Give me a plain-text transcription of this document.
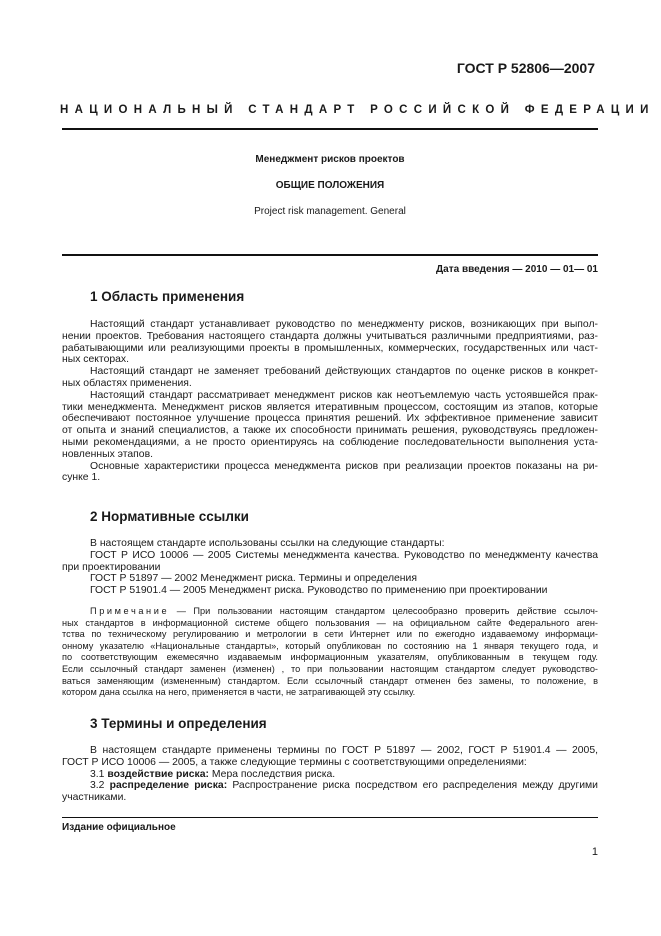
ГОСТ Р 52806—2007
НАЦИОНАЛЬНЫЙ СТАНДАРТ РОССИЙСКОЙ ФЕДЕРАЦИИ
Менеджмент рисков проектов
ОБЩИЕ ПОЛОЖЕНИЯ
Project risk management. General
Дата введения — 2010 — 01— 01
1 Область применения
Настоящий стандарт устанавливает руководство по менеджменту рисков, возникающих при выпол-
нении проектов. Требования настоящего стандарта должны учитываться различными предприятиями, раз-
рабатывающими или реализующими проекты в промышленных, коммерческих, государственных или част-
ных секторах.
Настоящий стандарт не заменяет требований действующих стандартов по оценке рисков в конкрет-
ных областях применения.
Настоящий стандарт рассматривает менеджмент рисков как неотъемлемую часть устоявшейся прак-
тики менеджмента. Менеджмент рисков является итеративным процессом, состоящим из этапов, которые
обеспечивают постоянное улучшение процесса принятия решений. Их эффективное применение зависит
от опыта и знаний специалистов, а также их способности принимать решения, руководствуясь предложен-
ными рекомендациями, а не просто ориентируясь на соблюдение последовательности выполнения уста-
новленных этапов.
Основные характеристики процесса менеджмента рисков при реализации проектов показаны на ри-
сунке 1.
2 Нормативные ссылки
В настоящем стандарте использованы ссылки на следующие стандарты:
ГОСТ Р ИСО 10006 — 2005 Системы менеджмента качества. Руководство по менеджменту качества
при проектировании
ГОСТ Р 51897 — 2002 Менеджмент риска. Термины и определения
ГОСТ Р 51901.4 — 2005 Менеджмент риска. Руководство по применению при проектировании
Примечание — При пользовании настоящим стандартом целесообразно проверить действие ссылоч-
ных стандартов в информационной системе общего пользования — на официальном сайте Федерального аген-
тства по техническому регулированию и метрологии в сети Интернет или по ежегодно издаваемому информаци-
онному указателю «Национальные стандарты», который опубликован по состоянию на 1 января текущего года, и
по соответствующим ежемесячно издаваемым информационным указателям, опубликованным в текущем году.
Если ссылочный стандарт заменен (изменен) , то при пользовании настоящим стандартом следует руководство-
ваться заменяющим (измененным) стандартом. Если ссылочный стандарт отменен без замены, то положение, в
котором дана ссылка на него, применяется в части, не затрагивающей эту ссылку.
3 Термины и определения
В настоящем стандарте применены термины по ГОСТ Р 51897 — 2002, ГОСТ Р 51901.4 — 2005,
ГОСТ Р ИСО 10006 — 2005, а также следующие термины с соответствующими определениями:
3.1 воздействие риска: Мера последствия риска.
3.2 распределение риска: Распространение риска посредством его распределения между другими
участниками.
Издание официальное
1
